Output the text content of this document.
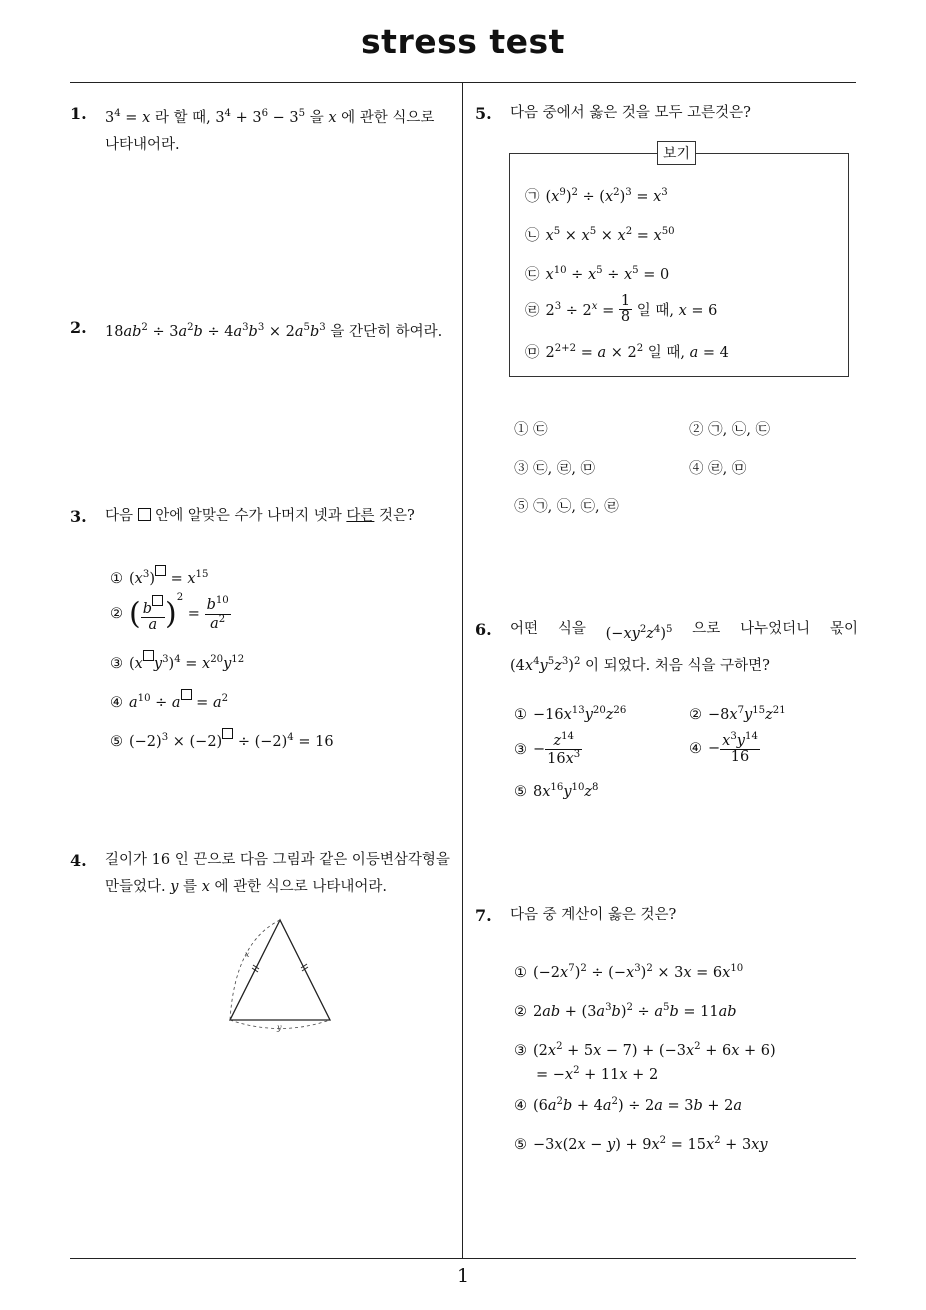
stress test
1
1. $3^4 = x$ 라 할 때, $3^4 + 3^6 - 3^5$ 을 x 에 관한 식으로
나타내어라.
2. $18ab^2 \div 3a^2b \div 4a^3b^3 \times 2a^5b^3$ 을 간단히 하여라.
3. 다음 안에 알맞은 수가 나머지 넷과 다른 것은?
① $(x^3) = x^{15}$
② ( $\frac{b}{a} )^2 = \frac{b^{10}}{a^2}$
③ (x $y^3)^4 = x^{20}y^{12}$
④ $a^{10} \div a = a^2$
⑤ $(-2)^3 \times (-2) \div (-2)^4 = 16$
4. 길이가 16 인 끈으로 다음 그림과 같은 이등변삼각형을
만들었다. y 를 x 에 관한 식으로 나타내어라.
x
y
5. 다음 중에서 옳은 것을 모두 고른것은?
보기
㉠ $(x^9)^2 \div (x^2)^3 = x^3$
㉡ $x^5 \times x^5 \times x^2 = x^{50}$
㉢ $x^{10} \div x^5 \div x^5 = 0$
㉣ $2^3 \div 2^x = \frac{1}{8}$ 일 때, x = 6
㉤ $2^{2+2} = a \times 2^2$ 일 때, a = 4
① ㉢	② ㉠, ㉡, ㉢
③ ㉢, ㉣, ㉤	④ ㉣, ㉤
⑤ ㉠, ㉡, ㉢, ㉣
6. 어떤 식을 $(-xy^2z^4)^5$ 으로 나누었더니 몫이
$(4x^4y^5z^3)^2$ 이 되었다. 처음 식을 구하면?
① $-16x^{13}y^{20}z^{26}$	② $-8x^7y^{15}z^{21}$
③ − $\frac{z^{14}}{16x^3}$	④ − $\frac{x^3y^{14}}{16}$
⑤ $8x^{16}y^{10}z^8$
7. 다음 중 계산이 옳은 것은?
① $(-2x^7)^2 \div (-x^3)^2 \times 3x = 6x^{10}$
② $2ab + (3a^3b)^2 \div a^5b = 11ab$
③ $(2x^2 + 5x - 7) + (-3x^2 + 6x + 6)$
= $-x^2 + 11x + 2$
④ $(6a^2b + 4a^2) \div 2a = 3b + 2a$
⑤ $-3x(2x - y) + 9x^2 = 15x^2 + 3xy$
